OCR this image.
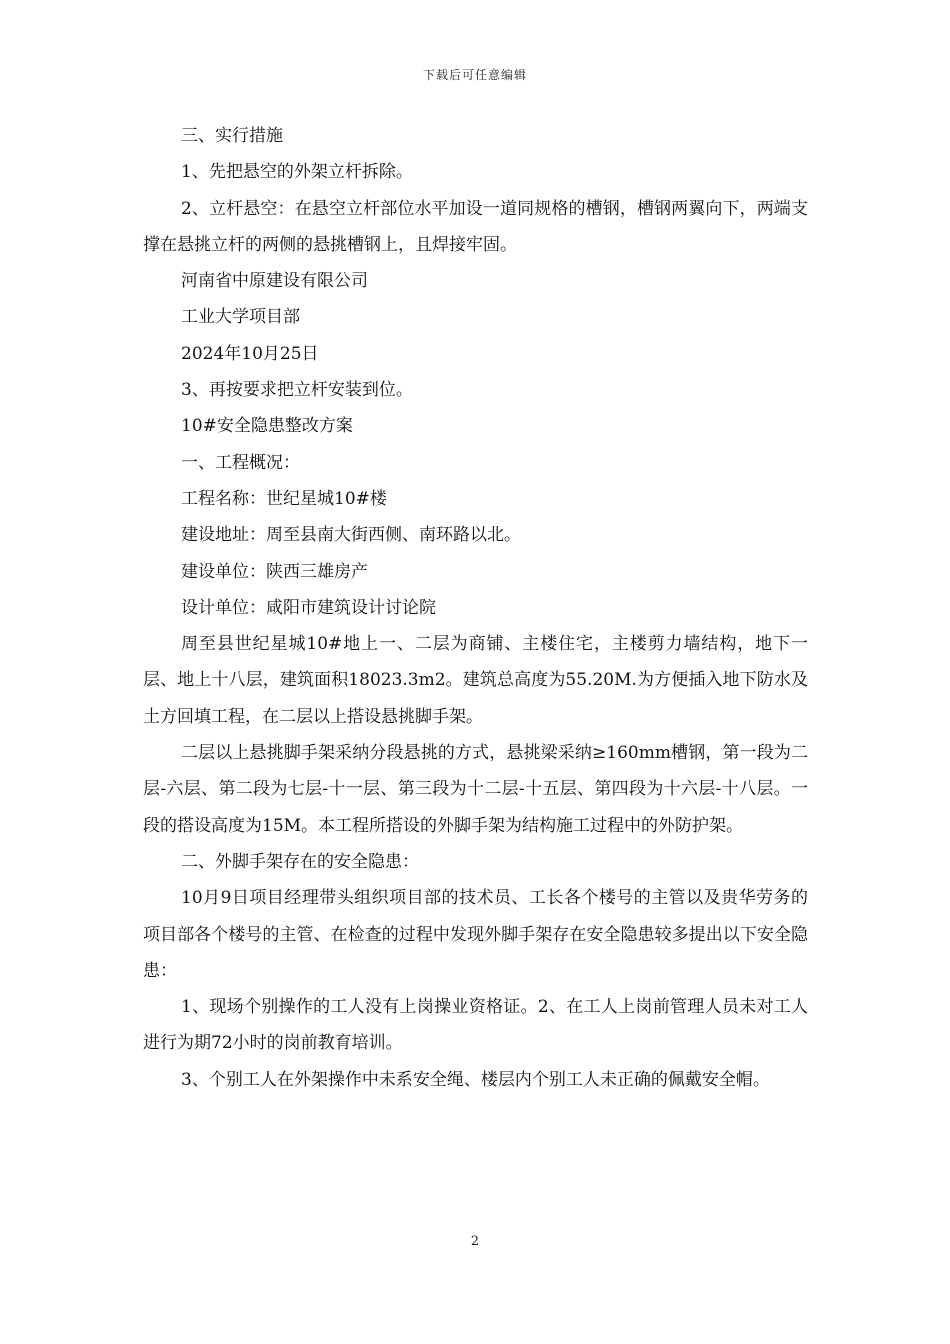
下载后可任意编辑

三、实行措施

1、先把悬空的外架立杆拆除。

2、立杆悬空：在悬空立杆部位水平加设一道同规格的槽钢，槽钢两翼向下，两端支撑在悬挑立杆的两侧的悬挑槽钢上，且焊接牢固。

河南省中原建设有限公司

工业大学项目部

2024年10月25日

3、再按要求把立杆安装到位。

10#安全隐患整改方案

一、工程概况：

工程名称：世纪星城10#楼

建设地址：周至县南大街西侧、南环路以北。

建设单位：陕西三雄房产

设计单位：咸阳市建筑设计讨论院

周至县世纪星城10#地上一、二层为商铺、主楼住宅，主楼剪力墙结构，地下一层、地上十八层，建筑面积18023.3m2。建筑总高度为55.20M.为方便插入地下防水及土方回填工程，在二层以上搭设悬挑脚手架。

二层以上悬挑脚手架采纳分段悬挑的方式，悬挑梁采纳≥160mm槽钢，第一段为二层-六层、第二段为七层-十一层、第三段为十二层-十五层、第四段为十六层-十八层。一段的搭设高度为15M。本工程所搭设的外脚手架为结构施工过程中的外防护架。

二、外脚手架存在的安全隐患：

10月9日项目经理带头组织项目部的技术员、工长各个楼号的主管以及贵华劳务的项目部各个楼号的主管、在检查的过程中发现外脚手架存在安全隐患较多提出以下安全隐患：

1、现场个别操作的工人没有上岗操业资格证。2、在工人上岗前管理人员未对工人进行为期72小时的岗前教育培训。

3、个别工人在外架操作中未系安全绳、楼层内个别工人未正确的佩戴安全帽。

2
